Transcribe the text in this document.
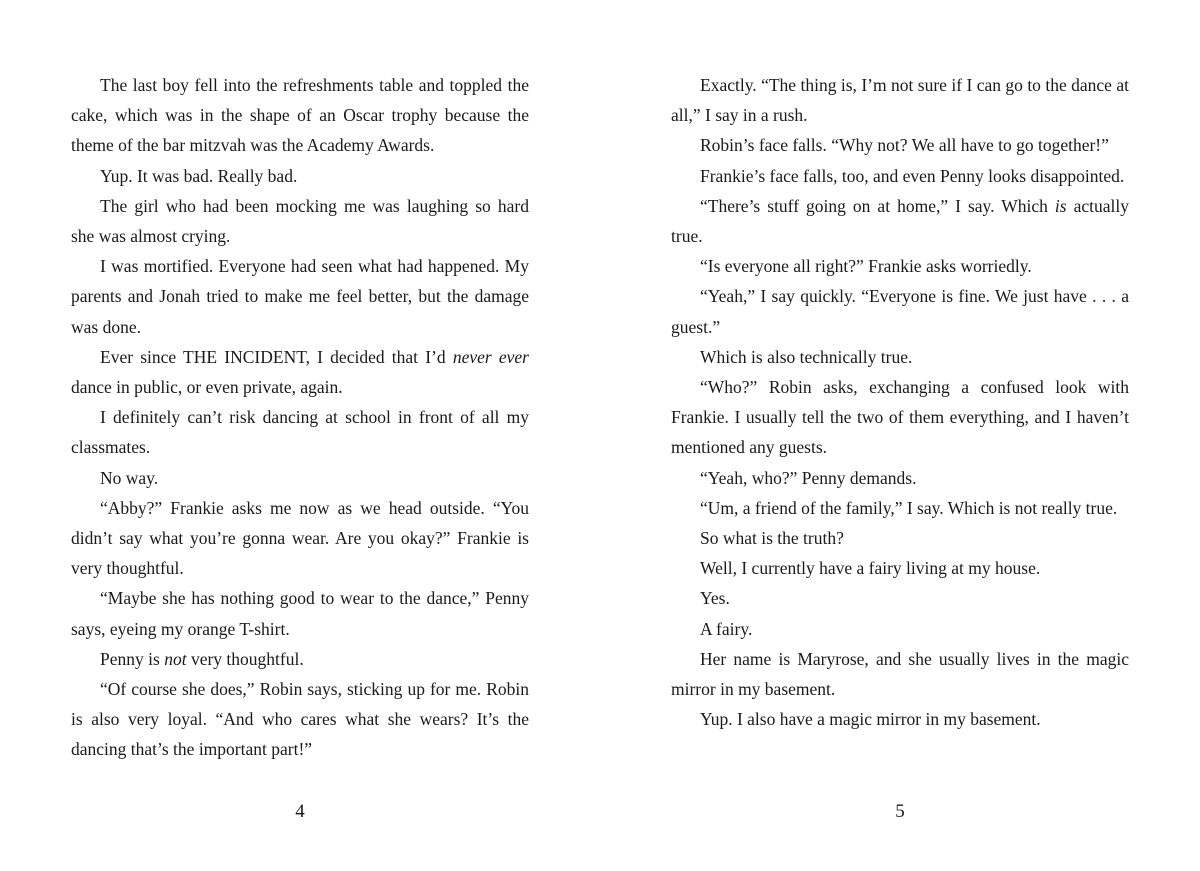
The last boy fell into the refreshments table and toppled the cake, which was in the shape of an Oscar trophy because the theme of the bar mitzvah was the Academy Awards.

Yup. It was bad. Really bad.

The girl who had been mocking me was laughing so hard she was almost crying.

I was mortified. Everyone had seen what had happened. My parents and Jonah tried to make me feel better, but the damage was done.

Ever since THE INCIDENT, I decided that I’d never ever dance in public, or even private, again.

I definitely can’t risk dancing at school in front of all my classmates.

No way.

“Abby?” Frankie asks me now as we head outside. “You didn’t say what you’re gonna wear. Are you okay?” Frankie is very thoughtful.

“Maybe she has nothing good to wear to the dance,” Penny says, eyeing my orange T-shirt.

Penny is not very thoughtful.

“Of course she does,” Robin says, sticking up for me. Robin is also very loyal. “And who cares what she wears? It’s the dancing that’s the important part!”

4

Exactly. “The thing is, I’m not sure if I can go to the dance at all,” I say in a rush.

Robin’s face falls. “Why not? We all have to go together!”

Frankie’s face falls, too, and even Penny looks disappointed.

“There’s stuff going on at home,” I say. Which is actually true.

“Is everyone all right?” Frankie asks worriedly.

“Yeah,” I say quickly. “Everyone is fine. We just have . . . a guest.”

Which is also technically true.

“Who?” Robin asks, exchanging a confused look with Frankie. I usually tell the two of them everything, and I haven’t mentioned any guests.

“Yeah, who?” Penny demands.

“Um, a friend of the family,” I say. Which is not really true.

So what is the truth?

Well, I currently have a fairy living at my house.

Yes.

A fairy.

Her name is Maryrose, and she usually lives in the magic mirror in my basement.

Yup. I also have a magic mirror in my basement.

5
